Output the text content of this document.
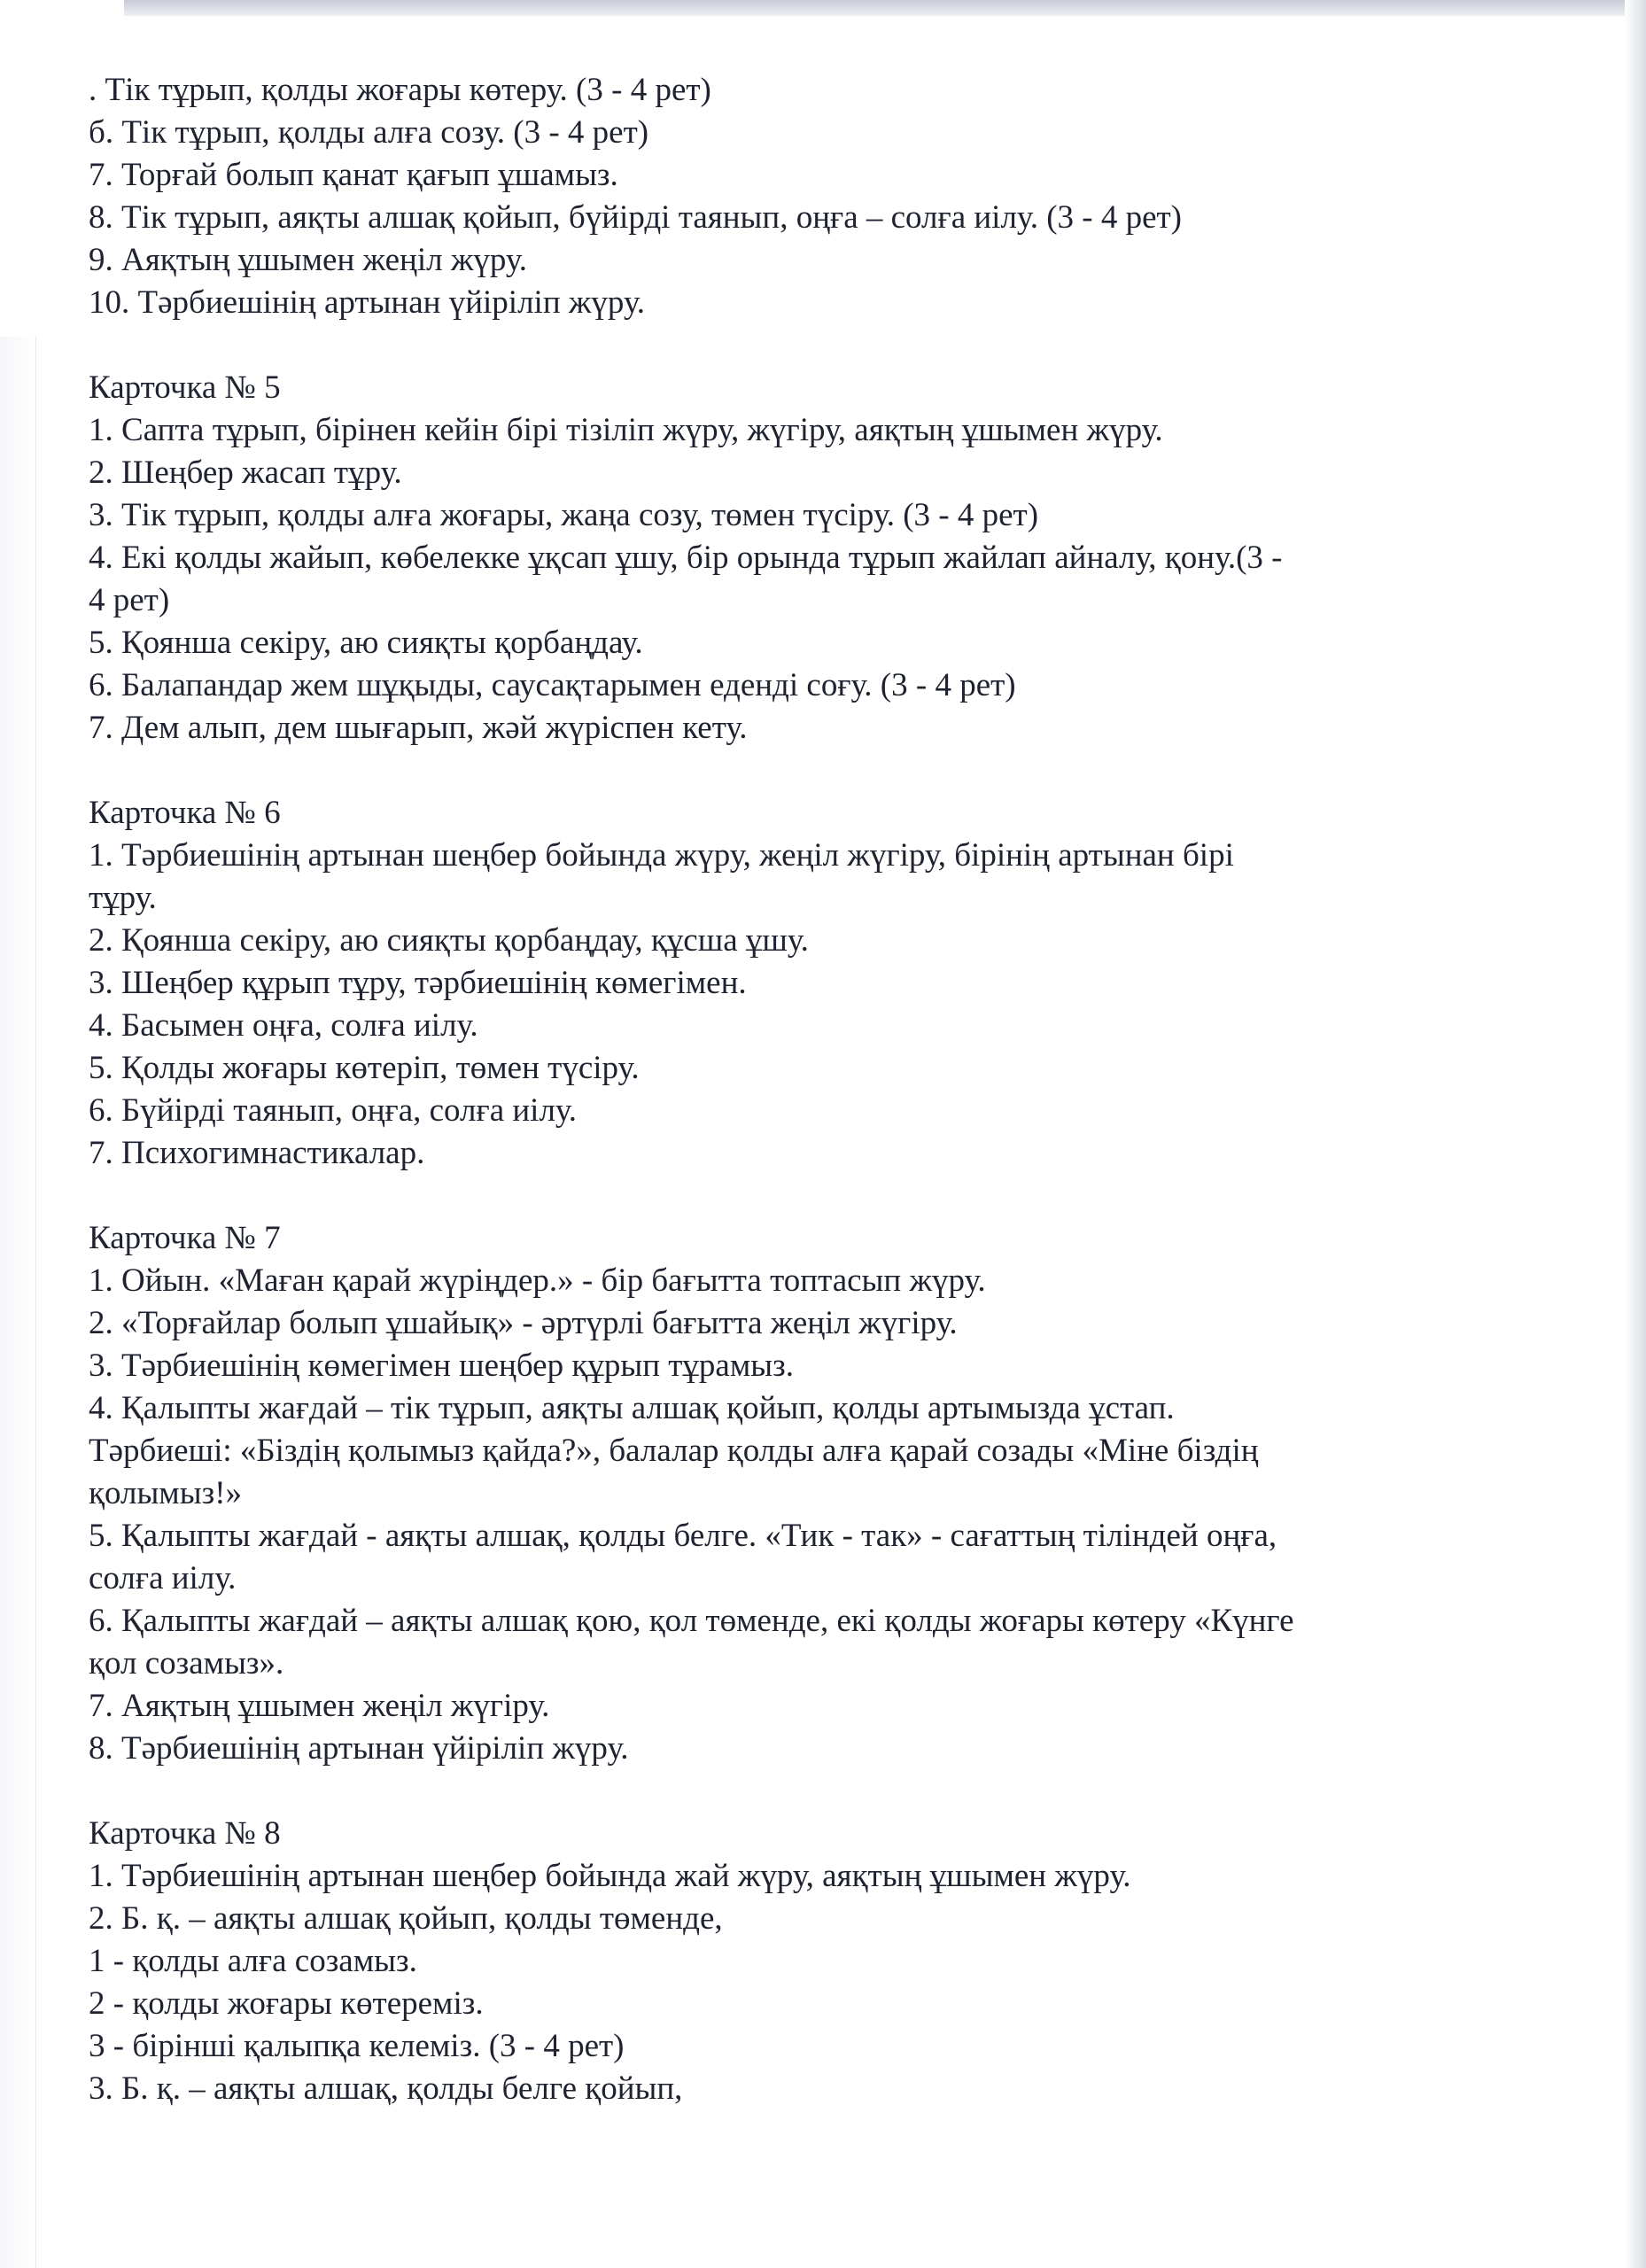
. Тік тұрып, қолды жоғары көтеру. (3 - 4 рет)
б. Тік тұрып, қолды алға созу. (3 - 4 рет)
7. Торғай болып қанат қағып ұшамыз.
8. Тік тұрып, аяқты алшақ қойып, бүйірді таянып, оңға – солға иілу. (3 - 4 рет)
9. Аяқтың ұшымен жеңіл жүру.
10. Тәрбиешінің артынан үйіріліп жүру.
Карточка № 5
1. Сапта тұрып, бірінен кейін бірі тізіліп жүру, жүгіру, аяқтың ұшымен жүру.
2. Шеңбер жасап тұру.
3. Тік тұрып, қолды алға жоғары, жаңа созу, төмен түсіру. (3 - 4 рет)
4. Екі қолды жайып, көбелекке ұқсап ұшу, бір орында тұрып жайлап айналу, қону.(3 -
4 рет)
5. Қоянша секіру, аю сияқты қорбаңдау.
6. Балапандар жем шұқыды, саусақтарымен еденді соғу. (3 - 4 рет)
7. Дем алып, дем шығарып, жәй жүріспен кету.
Карточка № 6
1. Тәрбиешінің артынан шеңбер бойында жүру, жеңіл жүгіру, бірінің артынан бірі
тұру.
2. Қоянша секіру, аю сияқты қорбаңдау, құсша ұшу.
3. Шеңбер құрып тұру, тәрбиешінің көмегімен.
4. Басымен оңға, солға иілу.
5. Қолды жоғары көтеріп, төмен түсіру.
6. Бүйірді таянып, оңға, солға иілу.
7. Психогимнастикалар.
Карточка № 7
1. Ойын. «Маған қарай жүріңдер.» - бір бағытта топтасып жүру.
2. «Торғайлар болып ұшайық» - әртүрлі бағытта жеңіл жүгіру.
3. Тәрбиешінің көмегімен шеңбер құрып тұрамыз.
4. Қалыпты жағдай – тік тұрып, аяқты алшақ қойып, қолды артымызда ұстап.
Тәрбиеші: «Біздің қолымыз қайда?», балалар қолды алға қарай созады «Міне біздің
қолымыз!»
5. Қалыпты жағдай - аяқты алшақ, қолды белге. «Тик - так» - сағаттың тіліндей оңға,
солға иілу.
6. Қалыпты жағдай – аяқты алшақ қою, қол төменде, екі қолды жоғары көтеру «Күнге
қол созамыз».
7. Аяқтың ұшымен жеңіл жүгіру.
8. Тәрбиешінің артынан үйіріліп жүру.
Карточка № 8
1. Тәрбиешінің артынан шеңбер бойында жай жүру, аяқтың ұшымен жүру.
2. Б. қ. – аяқты алшақ қойып, қолды төменде,
1 - қолды алға созамыз.
2 - қолды жоғары көтереміз.
3 - бірінші қалыпқа келеміз. (3 - 4 рет)
3. Б. қ. – аяқты алшақ, қолды белге қойып,
